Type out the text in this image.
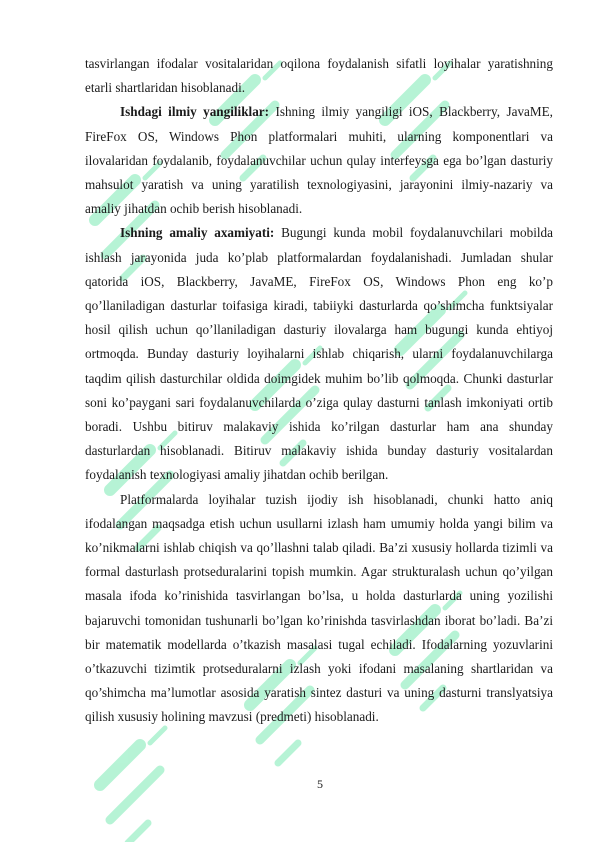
tasvirlangan ifodalar vositalaridan oqilona foydalanish sifatli loyihalar yaratishning etarli shartlaridan hisoblanadi.

Ishdagi ilmiy yangiliklar: Ishning ilmiy yangiligi iOS, Blackberry, JavaME, FireFox OS, Windows Phon platformalari muhiti, ularning komponentlari va ilovalaridan foydalanib, foydalanuvchilar uchun qulay interfeysga ega bo’lgan dasturiy mahsulot yaratish va uning yaratilish texnologiyasini, jarayonini ilmiy-nazariy va amaliy jihatdan ochib berish hisoblanadi.

Ishning amaliy axamiyati: Bugungi kunda mobil foydalanuvchilari mobilda ishlash jarayonida juda ko’plab platformalardan foydalanishadi. Jumladan shular qatorida iOS, Blackberry, JavaME, FireFox OS, Windows Phon eng ko’p qo’llaniladigan dasturlar toifasiga kiradi, tabiiyki dasturlarda qo’shimcha funktsiyalar hosil qilish uchun qo’llaniladigan dasturiy ilovalarga ham bugungi kunda ehtiyoj ortmoqda. Bunday dasturiy loyihalarni ishlab chiqarish, ularni foydalanuvchilarga taqdim qilish dasturchilar oldida doimgidek muhim bo’lib qolmoqda. Chunki dasturlar soni ko’paygani sari foydalanuvchilarda o’ziga qulay dasturni tanlash imkoniyati ortib boradi. Ushbu bitiruv malakaviy ishida ko’rilgan dasturlar ham ana shunday dasturlardan hisoblanadi. Bitiruv malakaviy ishida bunday dasturiy vositalardan foydalanish texnologiyasi amaliy jihatdan ochib berilgan.

Platformalarda loyihalar tuzish ijodiy ish hisoblanadi, chunki hatto aniq ifodalangan maqsadga etish uchun usullarni izlash ham umumiy holda yangi bilim va ko’nikmalarni ishlab chiqish va qo’llashni talab qiladi. Ba’zi xususiy hollarda tizimli va formal dasturlash protseduralarini topish mumkin. Agar strukturalash uchun qo’yilgan masala ifoda ko’rinishida tasvirlangan bo’lsa, u holda dasturlarda uning yozilishi bajaruvchi tomonidan tushunarli bo’lgan ko’rinishda tasvirlashdan iborat bo’ladi. Ba’zi bir matematik modellarda o’tkazish masalasi tugal echiladi. Ifodalarning yozuvlarini o’tkazuvchi tizimtik protseduralarni izlash yoki ifodani masalaning shartlaridan va qo’shimcha ma’lumotlar asosida yaratish sintez dasturi va uning dasturni translyatsiya qilish xususiy holining mavzusi (predmeti) hisoblanadi.

5
